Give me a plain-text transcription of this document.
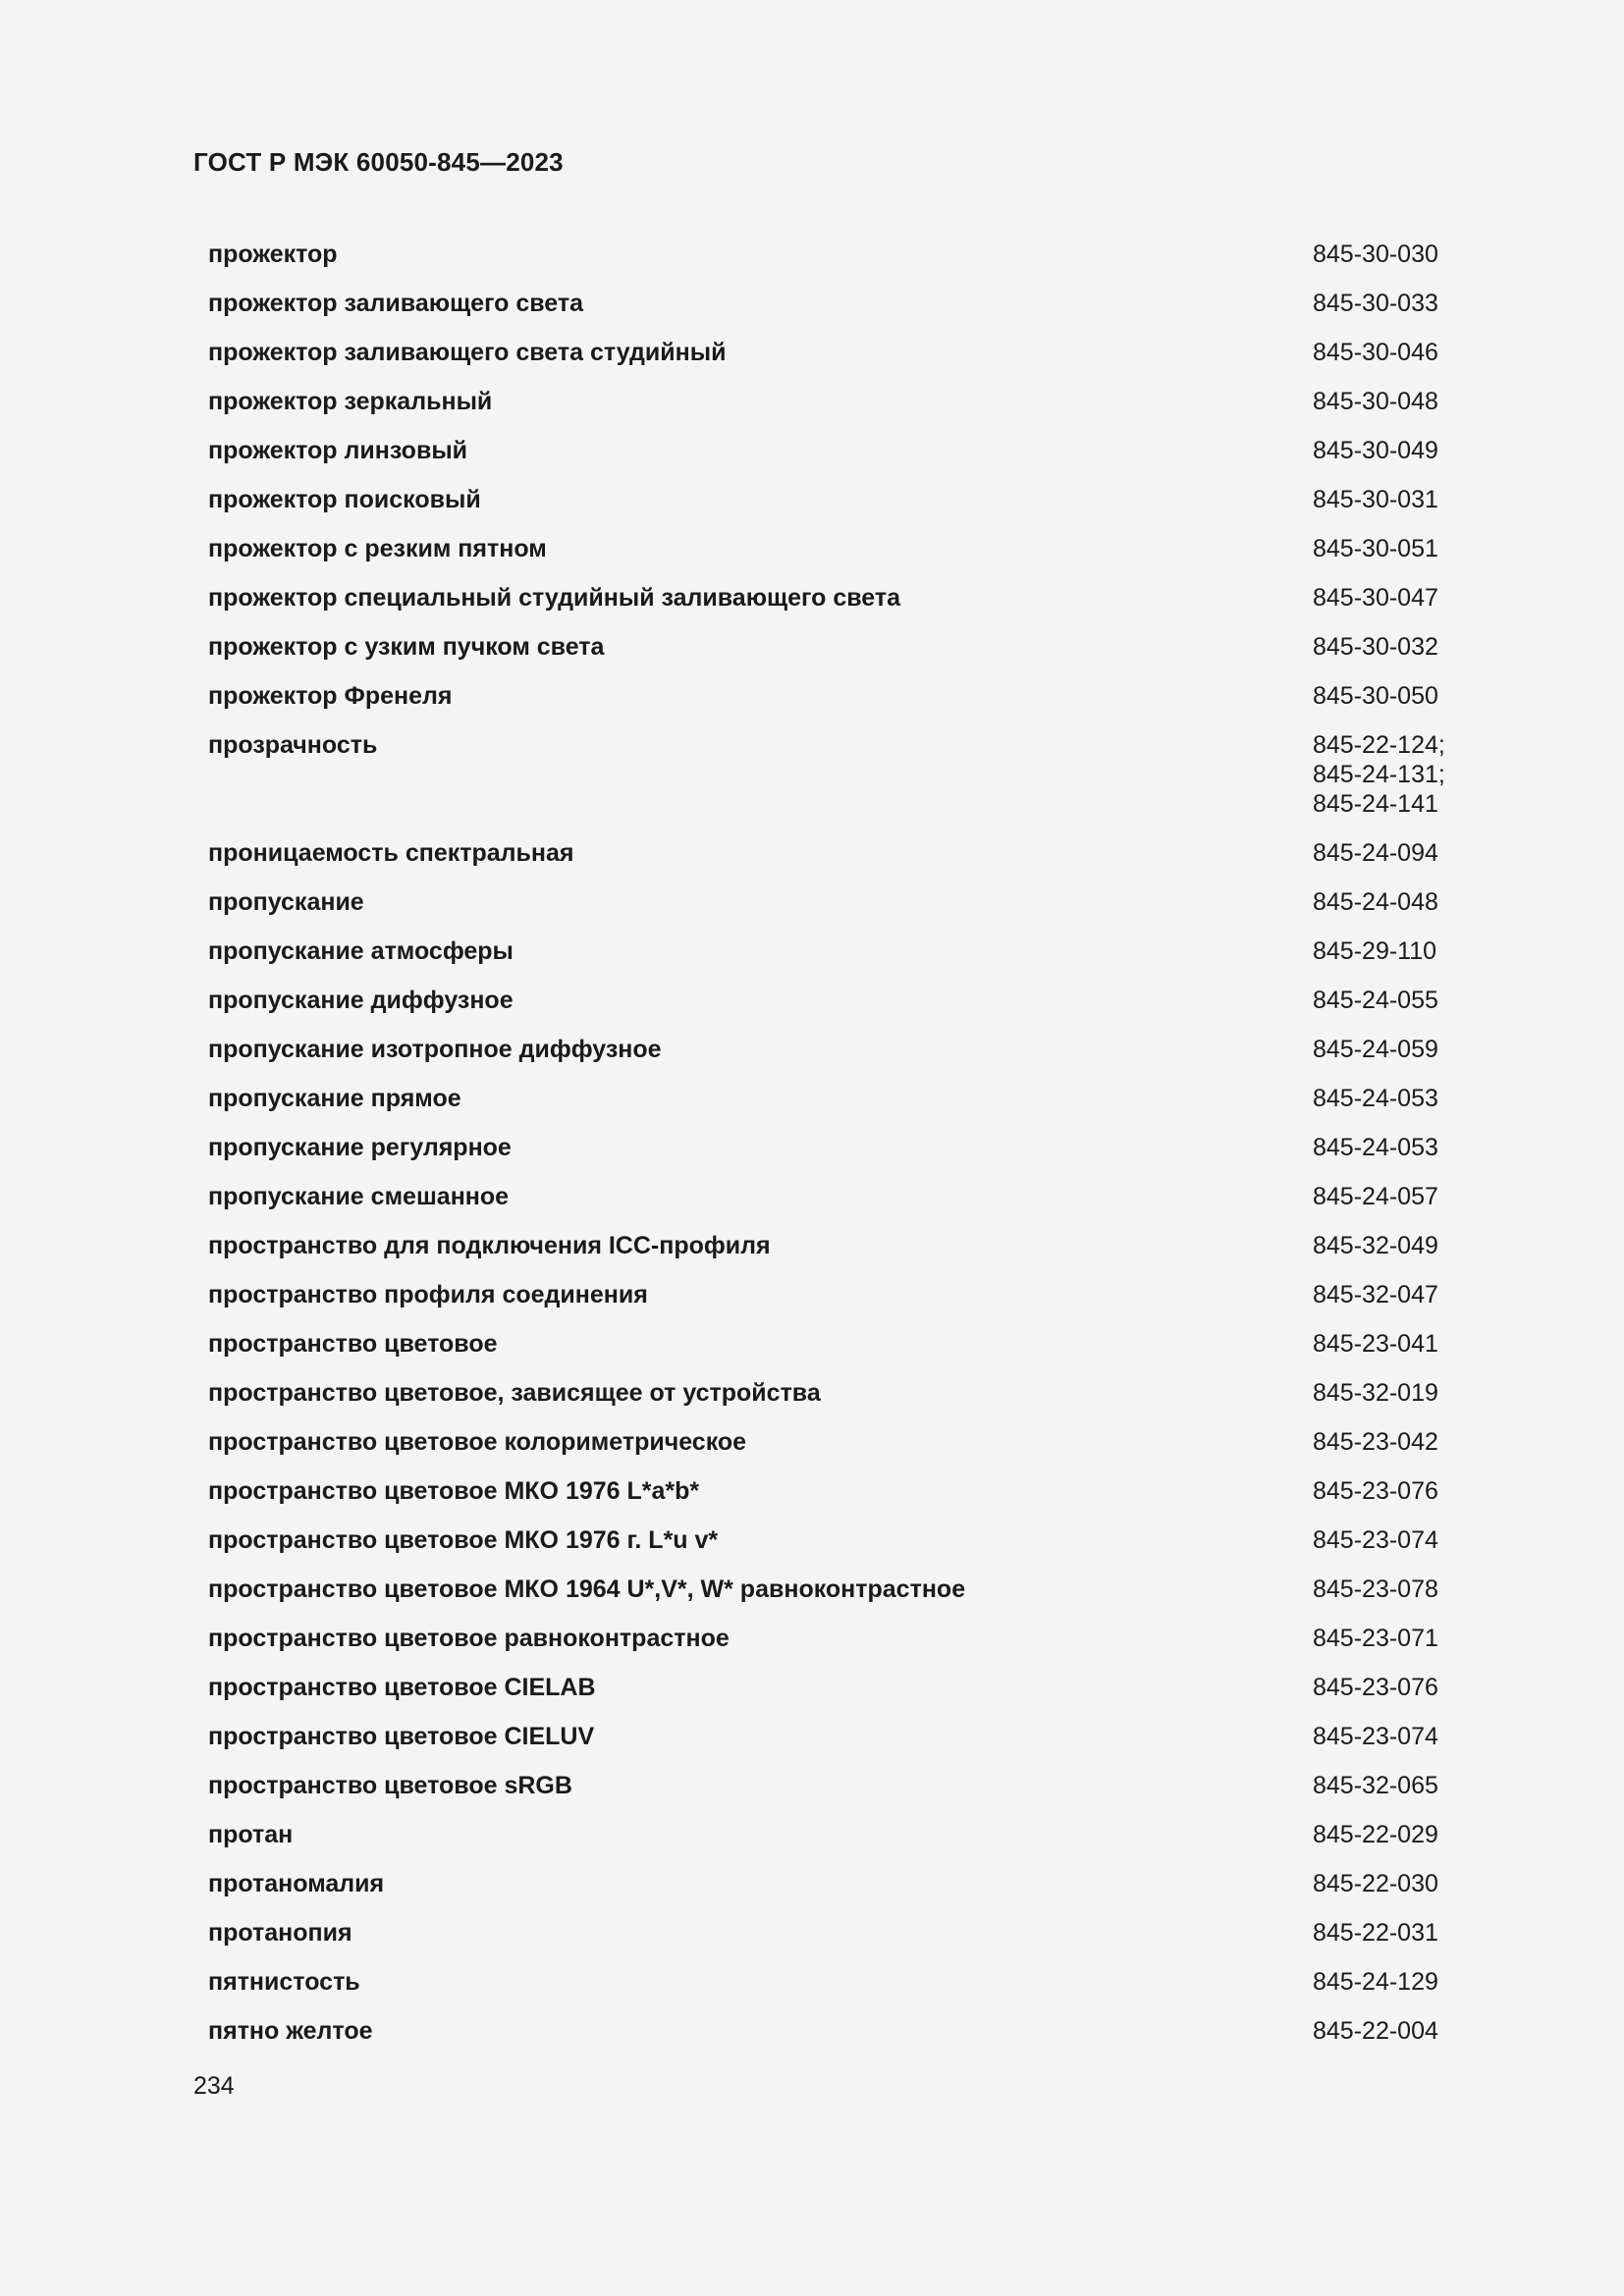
ГОСТ Р МЭК 60050-845—2023
прожектор	845-30-030
прожектор заливающего света	845-30-033
прожектор заливающего света студийный	845-30-046
прожектор зеркальный	845-30-048
прожектор линзовый	845-30-049
прожектор поисковый	845-30-031
прожектор с резким пятном	845-30-051
прожектор специальный студийный заливающего света	845-30-047
прожектор с узким пучком света	845-30-032
прожектор Френеля	845-30-050
прозрачность	845-22-124;
845-24-131;
845-24-141
проницаемость спектральная	845-24-094
пропускание	845-24-048
пропускание атмосферы	845-29-110
пропускание диффузное	845-24-055
пропускание изотропное диффузное	845-24-059
пропускание прямое	845-24-053
пропускание регулярное	845-24-053
пропускание смешанное	845-24-057
пространство для подключения ICC-профиля	845-32-049
пространство профиля соединения	845-32-047
пространство цветовое	845-23-041
пространство цветовое, зависящее от устройства	845-32-019
пространство цветовое колориметрическое	845-23-042
пространство цветовое МКО 1976 L*a*b*	845-23-076
пространство цветовое МКО 1976 г. L*u v*	845-23-074
пространство цветовое МКО 1964 U*,V*, W* равноконтрастное	845-23-078
пространство цветовое равноконтрастное	845-23-071
пространство цветовое CIELAB	845-23-076
пространство цветовое CIELUV	845-23-074
пространство цветовое sRGB	845-32-065
протан	845-22-029
протаномалия	845-22-030
протанопия	845-22-031
пятнистость	845-24-129
пятно желтое	845-22-004
234
